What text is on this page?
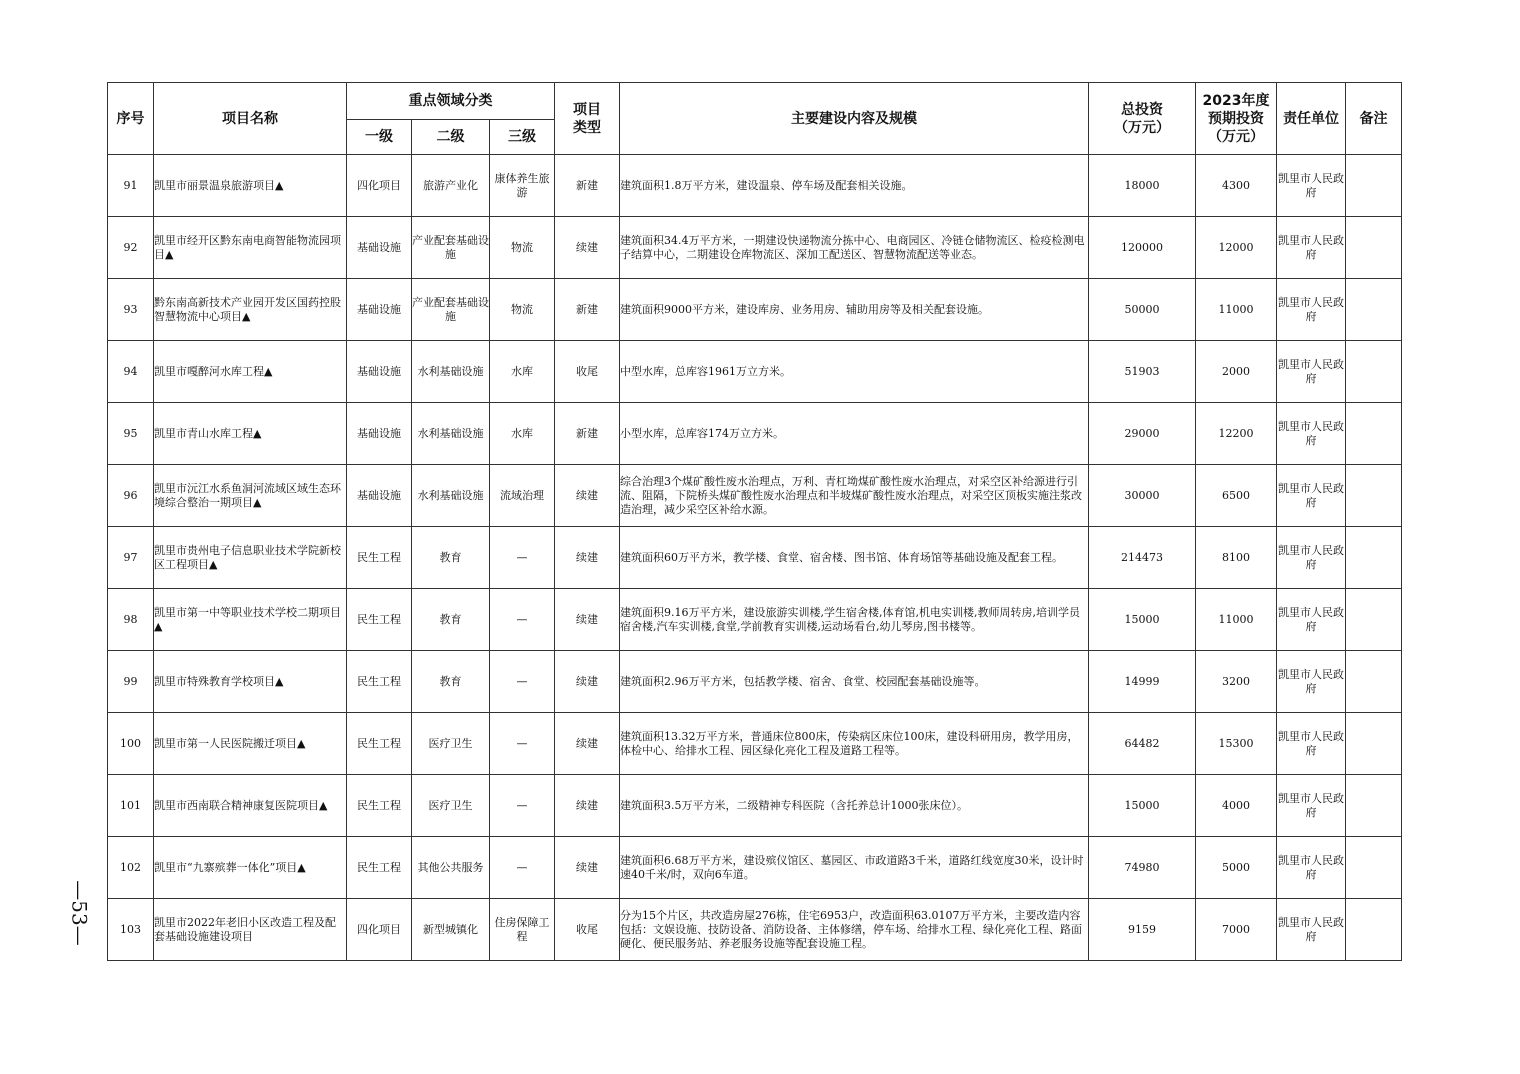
序号	项目名称	重点领域分类			项目类型	主要建设内容及规模	总投资（万元）	2023年度预期投资（万元）	责任单位	备注
		一级	二级	三级						
91	凯里市丽景温泉旅游项目▲	四化项目	旅游产业化	康体养生旅游	新建	建筑面积1.8万平方米，建设温泉、停车场及配套相关设施。	18000	4300	凯里市人民政府	
92	凯里市经开区黔东南电商智能物流园项目▲	基础设施	产业配套基础设施	物流	续建	建筑面积34.4万平方米，一期建设快递物流分拣中心、电商园区、冷链仓储物流区、检疫检测电子结算中心，二期建设仓库物流区、深加工配送区、智慧物流配送等业态。	120000	12000	凯里市人民政府	
93	黔东南高新技术产业园开发区国药控股智慧物流中心项目▲	基础设施	产业配套基础设施	物流	新建	建筑面积9000平方米，建设库房、业务用房、辅助用房等及相关配套设施。	50000	11000	凯里市人民政府	
94	凯里市嘎醉河水库工程▲	基础设施	水利基础设施	水库	收尾	中型水库，总库容1961万立方米。	51903	2000	凯里市人民政府	
95	凯里市青山水库工程▲	基础设施	水利基础设施	水库	新建	小型水库，总库容174万立方米。	29000	12200	凯里市人民政府	
96	凯里市沅江水系鱼洞河流域区域生态环境综合整治一期项目▲	基础设施	水利基础设施	流域治理	续建	综合治理3个煤矿酸性废水治理点，万利、青杠坳煤矿酸性废水治理点，对采空区补给源进行引流、阻隔，下院桥头煤矿酸性废水治理点和半坡煤矿酸性废水治理点，对采空区顶板实施注浆改造治理，减少采空区补给水源。	30000	6500	凯里市人民政府	
97	凯里市贵州电子信息职业技术学院新校区工程项目▲	民生工程	教育	—	续建	建筑面积60万平方米，教学楼、食堂、宿舍楼、图书馆、体育场馆等基础设施及配套工程。	214473	8100	凯里市人民政府	
98	凯里市第一中等职业技术学校二期项目▲	民生工程	教育	—	续建	建筑面积9.16万平方米，建设旅游实训楼,学生宿舍楼,体育馆,机电实训楼,教师周转房,培训学员宿舍楼,汽车实训楼,食堂,学前教育实训楼,运动场看台,幼儿琴房,图书楼等。	15000	11000	凯里市人民政府	
99	凯里市特殊教育学校项目▲	民生工程	教育	—	续建	建筑面积2.96万平方米，包括教学楼、宿舍、食堂、校园配套基础设施等。	14999	3200	凯里市人民政府	
100	凯里市第一人民医院搬迁项目▲	民生工程	医疗卫生	—	续建	建筑面积13.32万平方米，普通床位800床，传染病区床位100床，建设科研用房，教学用房，体检中心、给排水工程、园区绿化亮化工程及道路工程等。	64482	15300	凯里市人民政府	
101	凯里市西南联合精神康复医院项目▲	民生工程	医疗卫生	—	续建	建筑面积3.5万平方米，二级精神专科医院（含托养总计1000张床位）。	15000	4000	凯里市人民政府	
102	凯里市“九寨殡葬一体化”项目▲	民生工程	其他公共服务	—	续建	建筑面积6.68万平方米，建设殡仪馆区、墓园区、市政道路3千米，道路红线宽度30米，设计时速40千米/时，双向6车道。	74980	5000	凯里市人民政府	
103	凯里市2022年老旧小区改造工程及配套基础设施建设项目	四化项目	新型城镇化	住房保障工程	收尾	分为15个片区，共改造房屋276栋，住宅6953户，改造面积63.0107万平方米，主要改造内容包括：文娱设施、技防设备、消防设备、主体修缮，停车场、给排水工程、绿化亮化工程、路面硬化、便民服务站、养老服务设施等配套设施工程。	9159	7000	凯里市人民政府	
—53—
